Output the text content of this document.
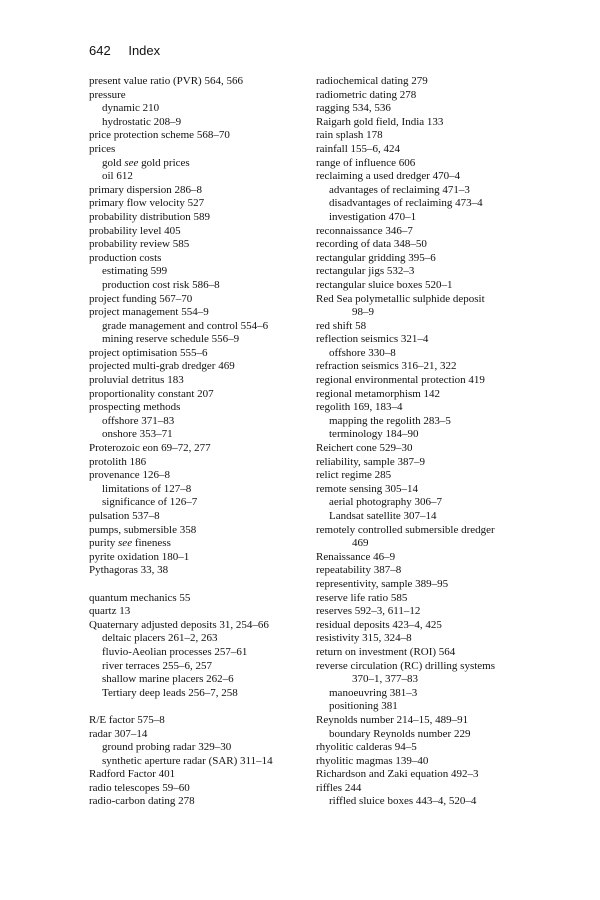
642 Index
present value ratio (PVR) 564, 566
pressure
dynamic 210
hydrostatic 208–9
price protection scheme 568–70
prices
gold see gold prices
oil 612
primary dispersion 286–8
primary flow velocity 527
probability distribution 589
probability level 405
probability review 585
production costs
estimating 599
production cost risk 586–8
project funding 567–70
project management 554–9
grade management and control 554–6
mining reserve schedule 556–9
project optimisation 555–6
projected multi-grab dredger 469
proluvial detritus 183
proportionality constant 207
prospecting methods
offshore 371–83
onshore 353–71
Proterozoic eon 69–72, 277
protolith 186
provenance 126–8
limitations of 127–8
significance of 126–7
pulsation 537–8
pumps, submersible 358
purity see fineness
pyrite oxidation 180–1
Pythagoras 33, 38
quantum mechanics 55
quartz 13
Quaternary adjusted deposits 31, 254–66
deltaic placers 261–2, 263
fluvio-Aeolian processes 257–61
river terraces 255–6, 257
shallow marine placers 262–6
Tertiary deep leads 256–7, 258
R/E factor 575–8
radar 307–14
ground probing radar 329–30
synthetic aperture radar (SAR) 311–14
Radford Factor 401
radio telescopes 59–60
radio-carbon dating 278
radiochemical dating 279
radiometric dating 278
ragging 534, 536
Raigarh gold field, India 133
rain splash 178
rainfall 155–6, 424
range of influence 606
reclaiming a used dredger 470–4
advantages of reclaiming 471–3
disadvantages of reclaiming 473–4
investigation 470–1
reconnaissance 346–7
recording of data 348–50
rectangular gridding 395–6
rectangular jigs 532–3
rectangular sluice boxes 520–1
Red Sea polymetallic sulphide deposit
98–9
red shift 58
reflection seismics 321–4
offshore 330–8
refraction seismics 316–21, 322
regional environmental protection 419
regional metamorphism 142
regolith 169, 183–4
mapping the regolith 283–5
terminology 184–90
Reichert cone 529–30
reliability, sample 387–9
relict regime 285
remote sensing 305–14
aerial photography 306–7
Landsat satellite 307–14
remotely controlled submersible dredger
469
Renaissance 46–9
repeatability 387–8
representivity, sample 389–95
reserve life ratio 585
reserves 592–3, 611–12
residual deposits 423–4, 425
resistivity 315, 324–8
return on investment (ROI) 564
reverse circulation (RC) drilling systems
370–1, 377–83
manoeuvring 381–3
positioning 381
Reynolds number 214–15, 489–91
boundary Reynolds number 229
rhyolitic calderas 94–5
rhyolitic magmas 139–40
Richardson and Zaki equation 492–3
riffles 244
riffled sluice boxes 443–4, 520–4
